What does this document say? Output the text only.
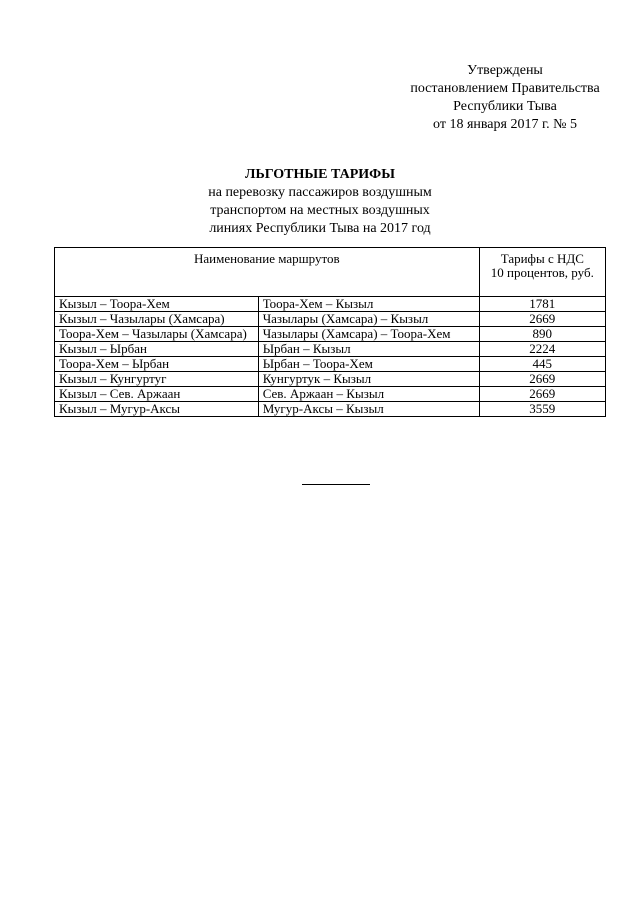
Утверждены
постановлением Правительства
Республики Тыва
от 18 января 2017 г. № 5
ЛЬГОТНЫЕ ТАРИФЫ
на перевозку пассажиров воздушным
транспортом на местных воздушных
линиях Республики Тыва на 2017 год
Наименование маршрутов		Тарифы с НДС
10 процентов, руб.
Кызыл – Тоора-Хем	Тоора-Хем – Кызыл	1781
Кызыл – Чазылары (Хамсара)	Чазылары (Хамсара) – Кызыл	2669
Тоора-Хем – Чазылары (Хамсара)	Чазылары (Хамсара) – Тоора-Хем	890
Кызыл – Ырбан	Ырбан – Кызыл	2224
Тоора-Хем – Ырбан	Ырбан – Тоора-Хем	445
Кызыл – Кунгуртуг	Кунгуртук – Кызыл	2669
Кызыл – Сев. Аржаан	Сев. Аржаан – Кызыл	2669
Кызыл – Мугур-Аксы	Мугур-Аксы – Кызыл	3559
